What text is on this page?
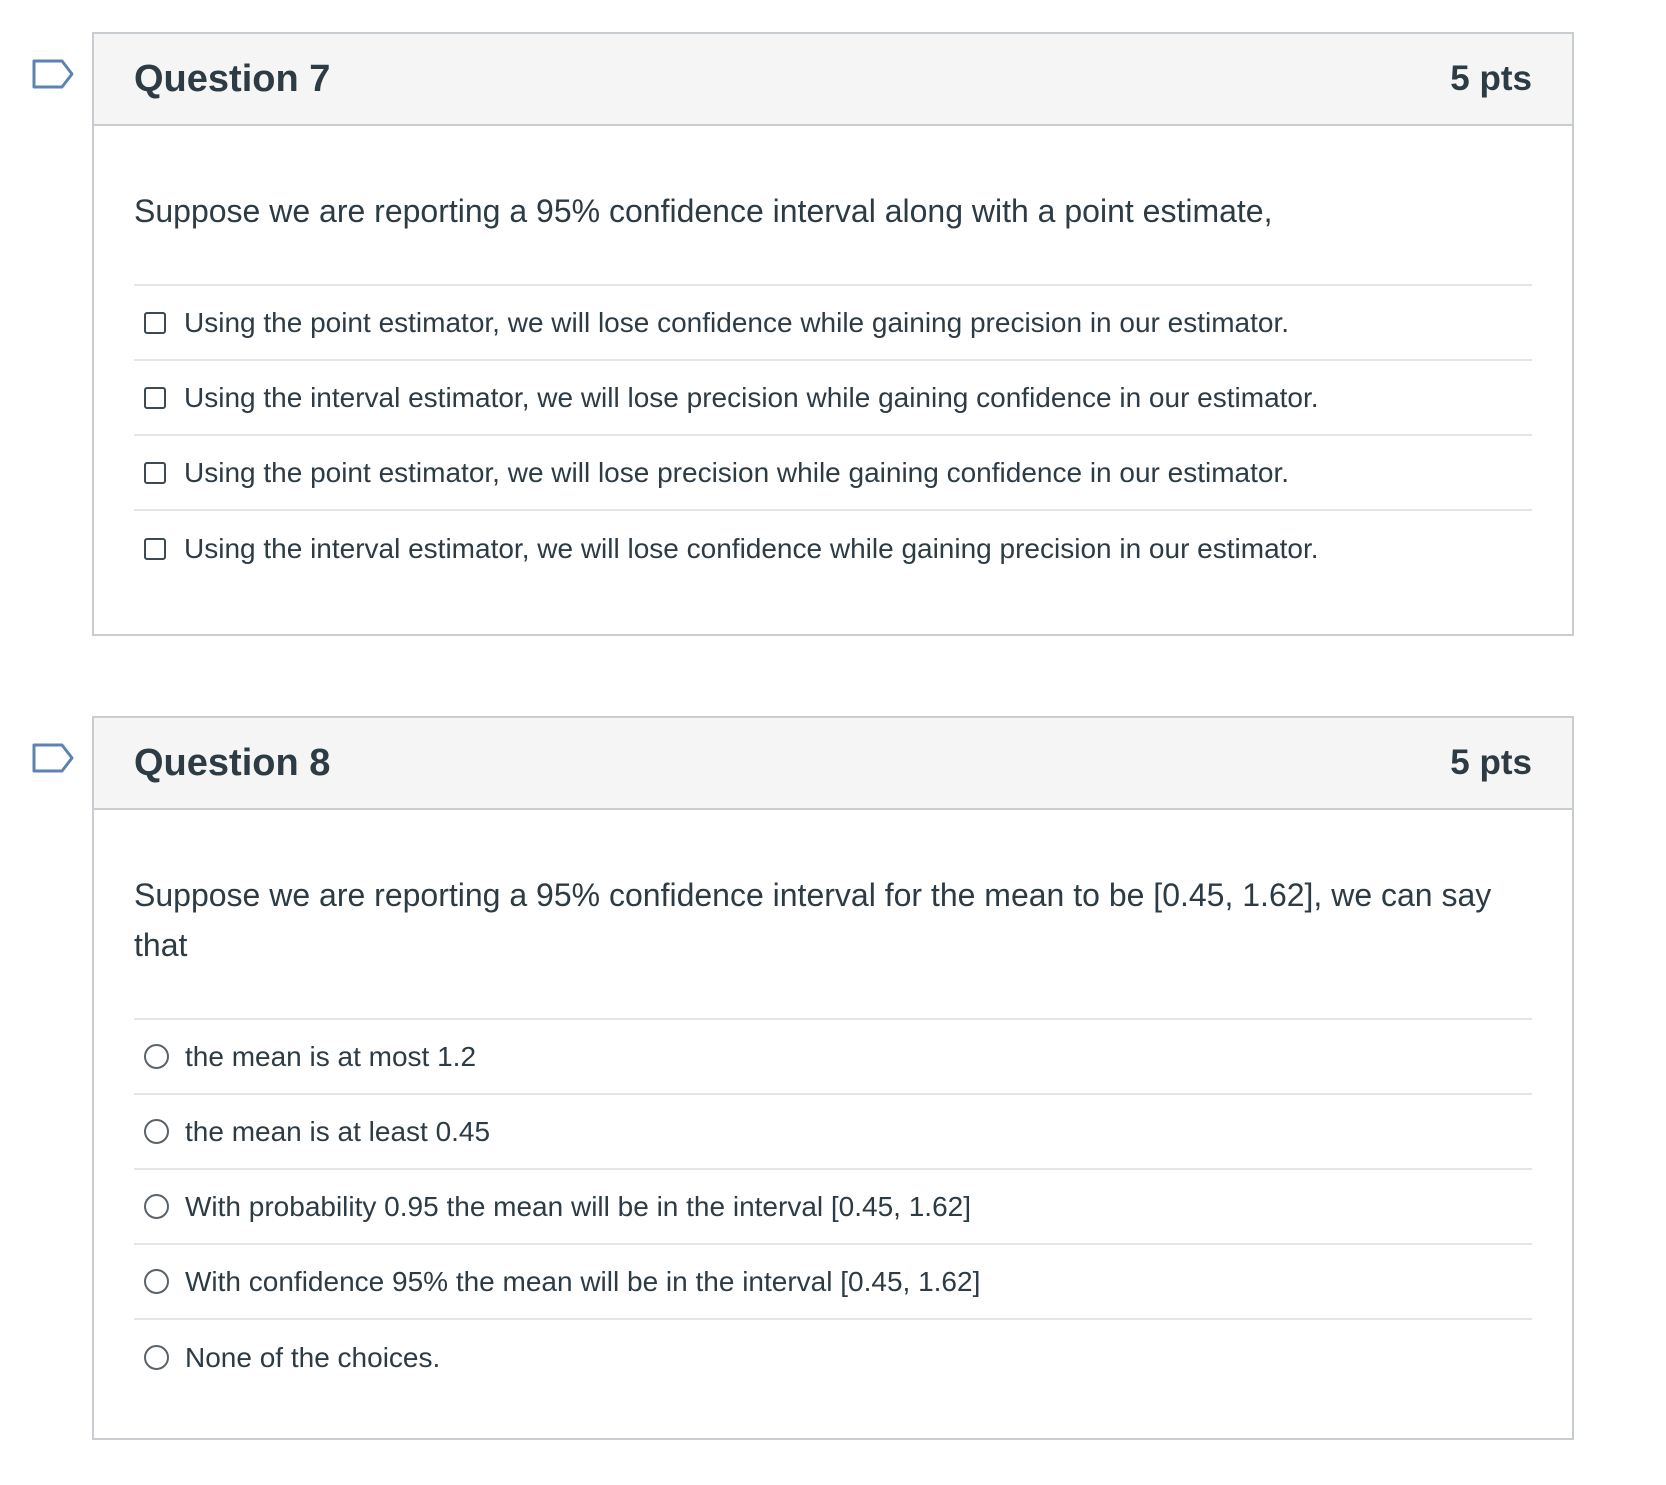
Question 7	5 pts

Suppose we are reporting a 95% confidence interval along with a point estimate,

Using the point estimator, we will lose confidence while gaining precision in our estimator.
Using the interval estimator, we will lose precision while gaining confidence in our estimator.
Using the point estimator, we will lose precision while gaining confidence in our estimator.
Using the interval estimator, we will lose confidence while gaining precision in our estimator.
Question 8	5 pts

Suppose we are reporting a 95% confidence interval for the mean to be [0.45, 1.62], we can say that

the mean is at most 1.2
the mean is at least 0.45
With probability 0.95 the mean will be in the interval [0.45, 1.62]
With confidence 95% the mean will be in the interval [0.45, 1.62]
None of the choices.
